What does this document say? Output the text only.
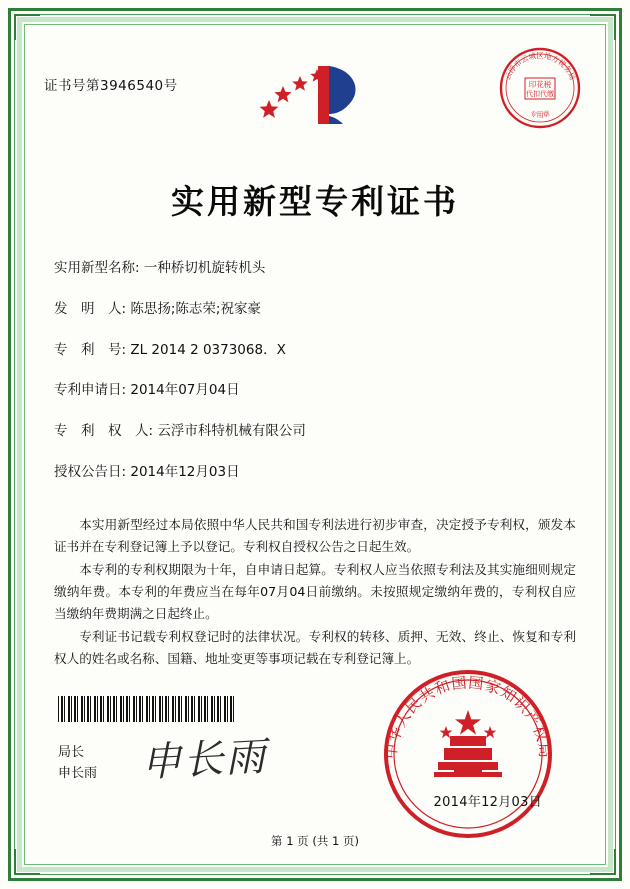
证书号第3946540号	印花税
代扣代缴
云浮市云城区地方税务局
专用章
实用新型专利证书
实用新型名称: 一种桥切机旋转机头
发　明　人: 陈思扬;陈志荣;祝家豪
专　利　号: ZL 2014 2 0373068．X
专利申请日: 2014年07月04日
专　利　权　人: 云浮市科特机械有限公司
授权公告日: 2014年12月03日

本实用新型经过本局依照中华人民共和国专利法进行初步审查，决定授予专利权，颁发本证书并在专利登记簿上予以登记。专利权自授权公告之日起生效。

本专利的专利权期限为十年，自申请日起算。专利权人应当依照专利法及其实施细则规定缴纳年费。本专利的年费应当在每年07月04日前缴纳。未按照规定缴纳年费的，专利权自应当缴纳年费期满之日起终止。

专利证书记载专利权登记时的法律状况。专利权的转移、质押、无效、终止、恢复和专利权人的姓名或名称、国籍、地址变更等事项记载在专利登记簿上。

局长
申长雨 申长雨	中华人民共和国国家知识产权局
2014年12月03日
第 1 页 (共 1 页)
